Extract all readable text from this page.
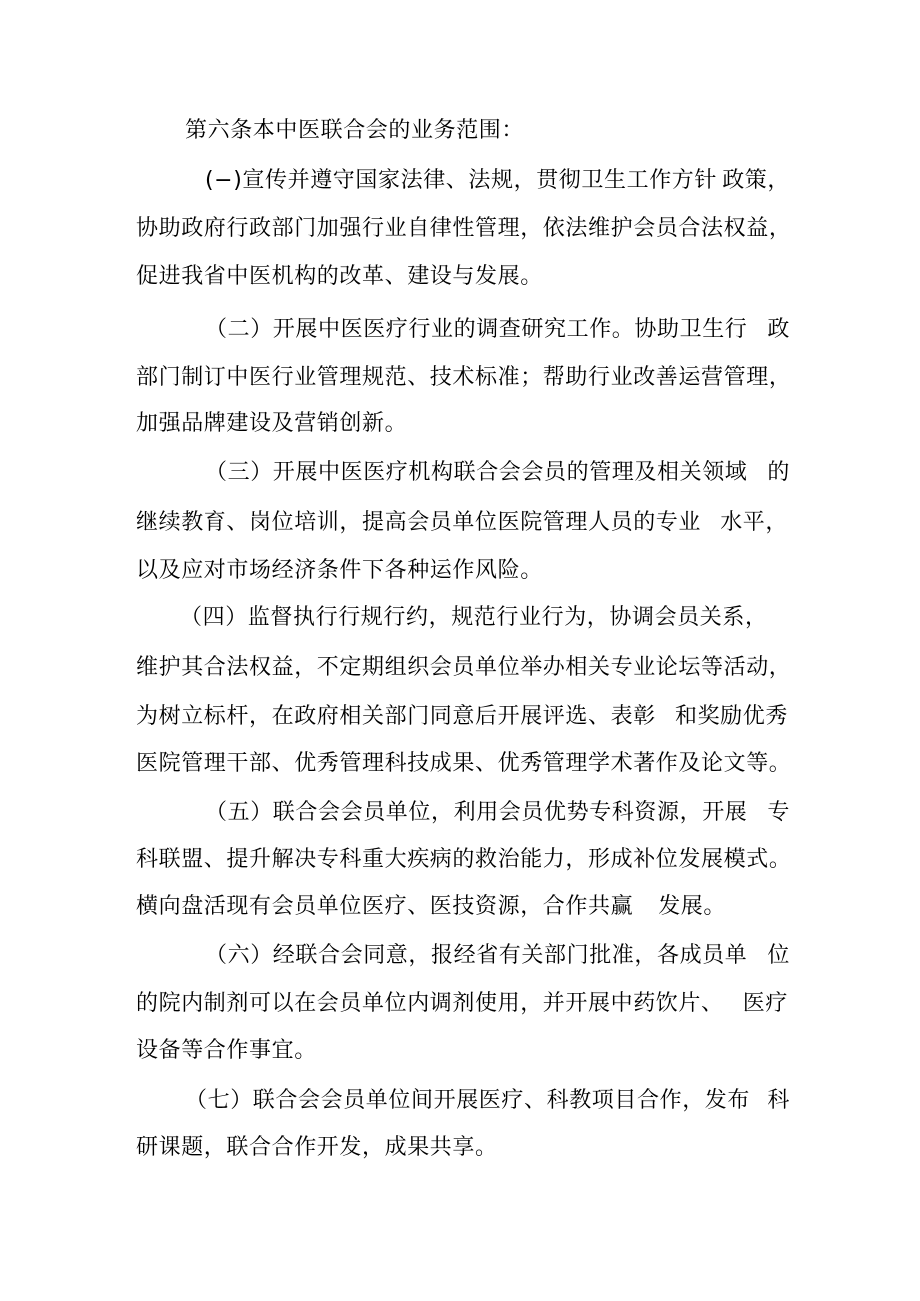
第六条本中医联合会的业务范围：
(−)宣传并遵守国家法律、法规，贯彻卫生工作方针 政策，
协助政府行政部门加强行业自律性管理，依法维护会 员合法权益，
促进我省中医机构的改革、建设与发展。
（二）开展中医医疗行业的调查研究工作。协助卫生行 政
部门制订中医行业管理规范、技术标准；帮助行业改善运 营管理，
加强品牌建设及营销创新。
（三）开展中医医疗机构联合会会员的管理及相关领域 的
继续教育、岗位培训，提高会员单位医院管理人员的专业 水平，
以及应对市场经济条件下各种运作风险。
（四）监督执行行规行约，规范行业行为，协调会员关系，
维护其合法权益，不定期组织会员单位举办相关专业论坛等 活动，
为树立标杆，在政府相关部门同意后开展评选、表彰 和奖励优秀
医院管理干部、优秀管理科技成果、优秀管理学 术著作及论文等。
（五）联合会会员单位，利用会员优势专科资源，开展 专
科联盟、提升解决专科重大疾病的救治能力，形成补位发 展模式。
横向盘活现有会员单位医疗、医技资源，合作共赢 发展。
（六）经联合会同意，报经省有关部门批准，各成员单 位
的院内制剂可以在会员单位内调剂使用，并开展中药饮片、 医疗
设备等合作事宜。
（七）联合会会员单位间开展医疗、科教项目合作，发布 科
研课题，联合合作开发，成果共享。
